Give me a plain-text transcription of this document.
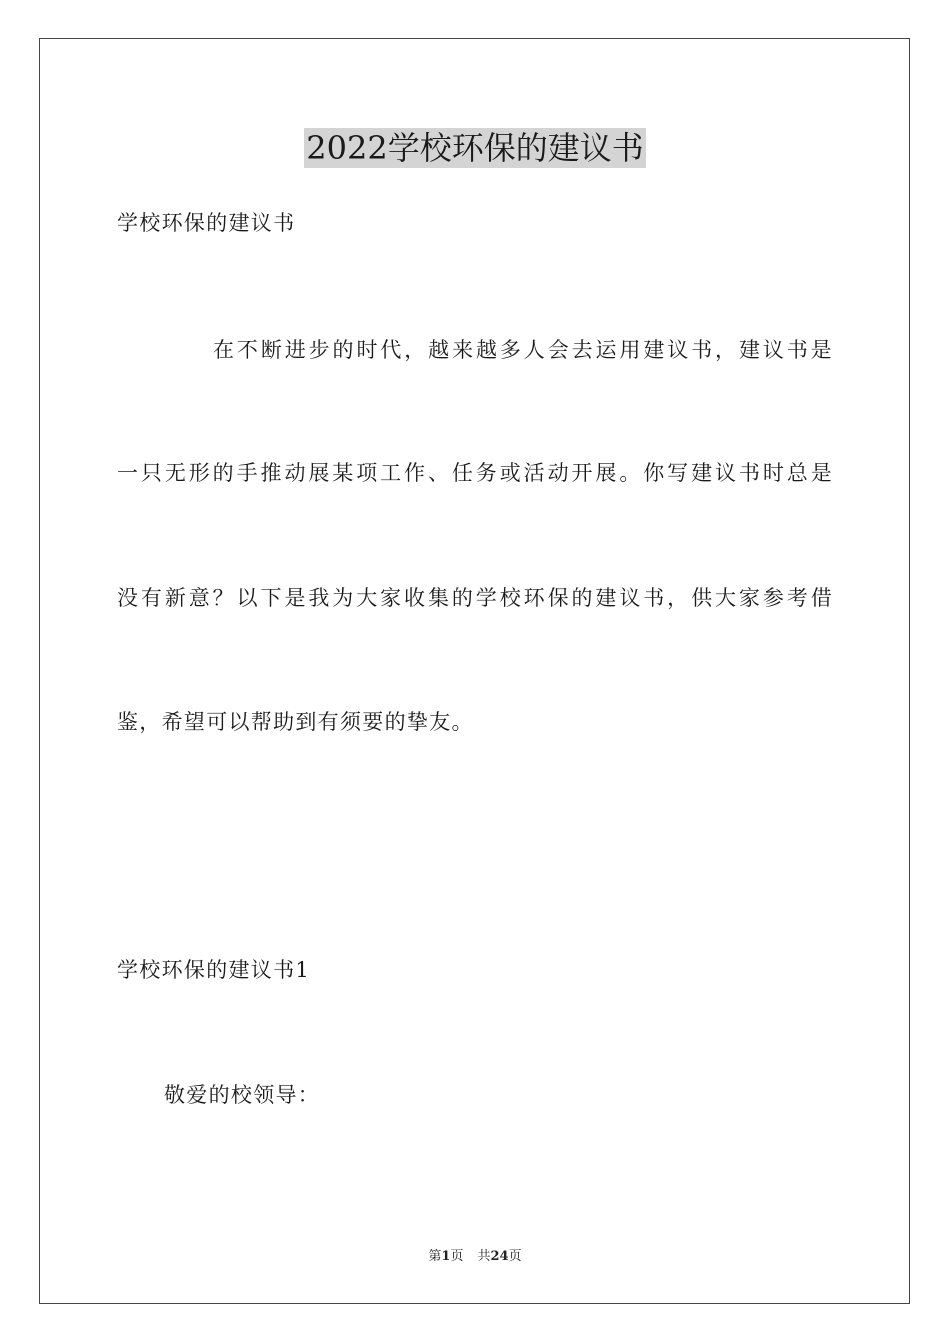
2022学校环保的建议书

学校环保的建议书

在不断进步的时代，越来越多人会去运用建议书，建议书是

一只无形的手推动展某项工作、任务或活动开展。你写建议书时总是

没有新意？以下是我为大家收集的学校环保的建议书，供大家参考借

鉴，希望可以帮助到有须要的挚友。

学校环保的建议书1

敬爱的校领导：

第1页 共24页
